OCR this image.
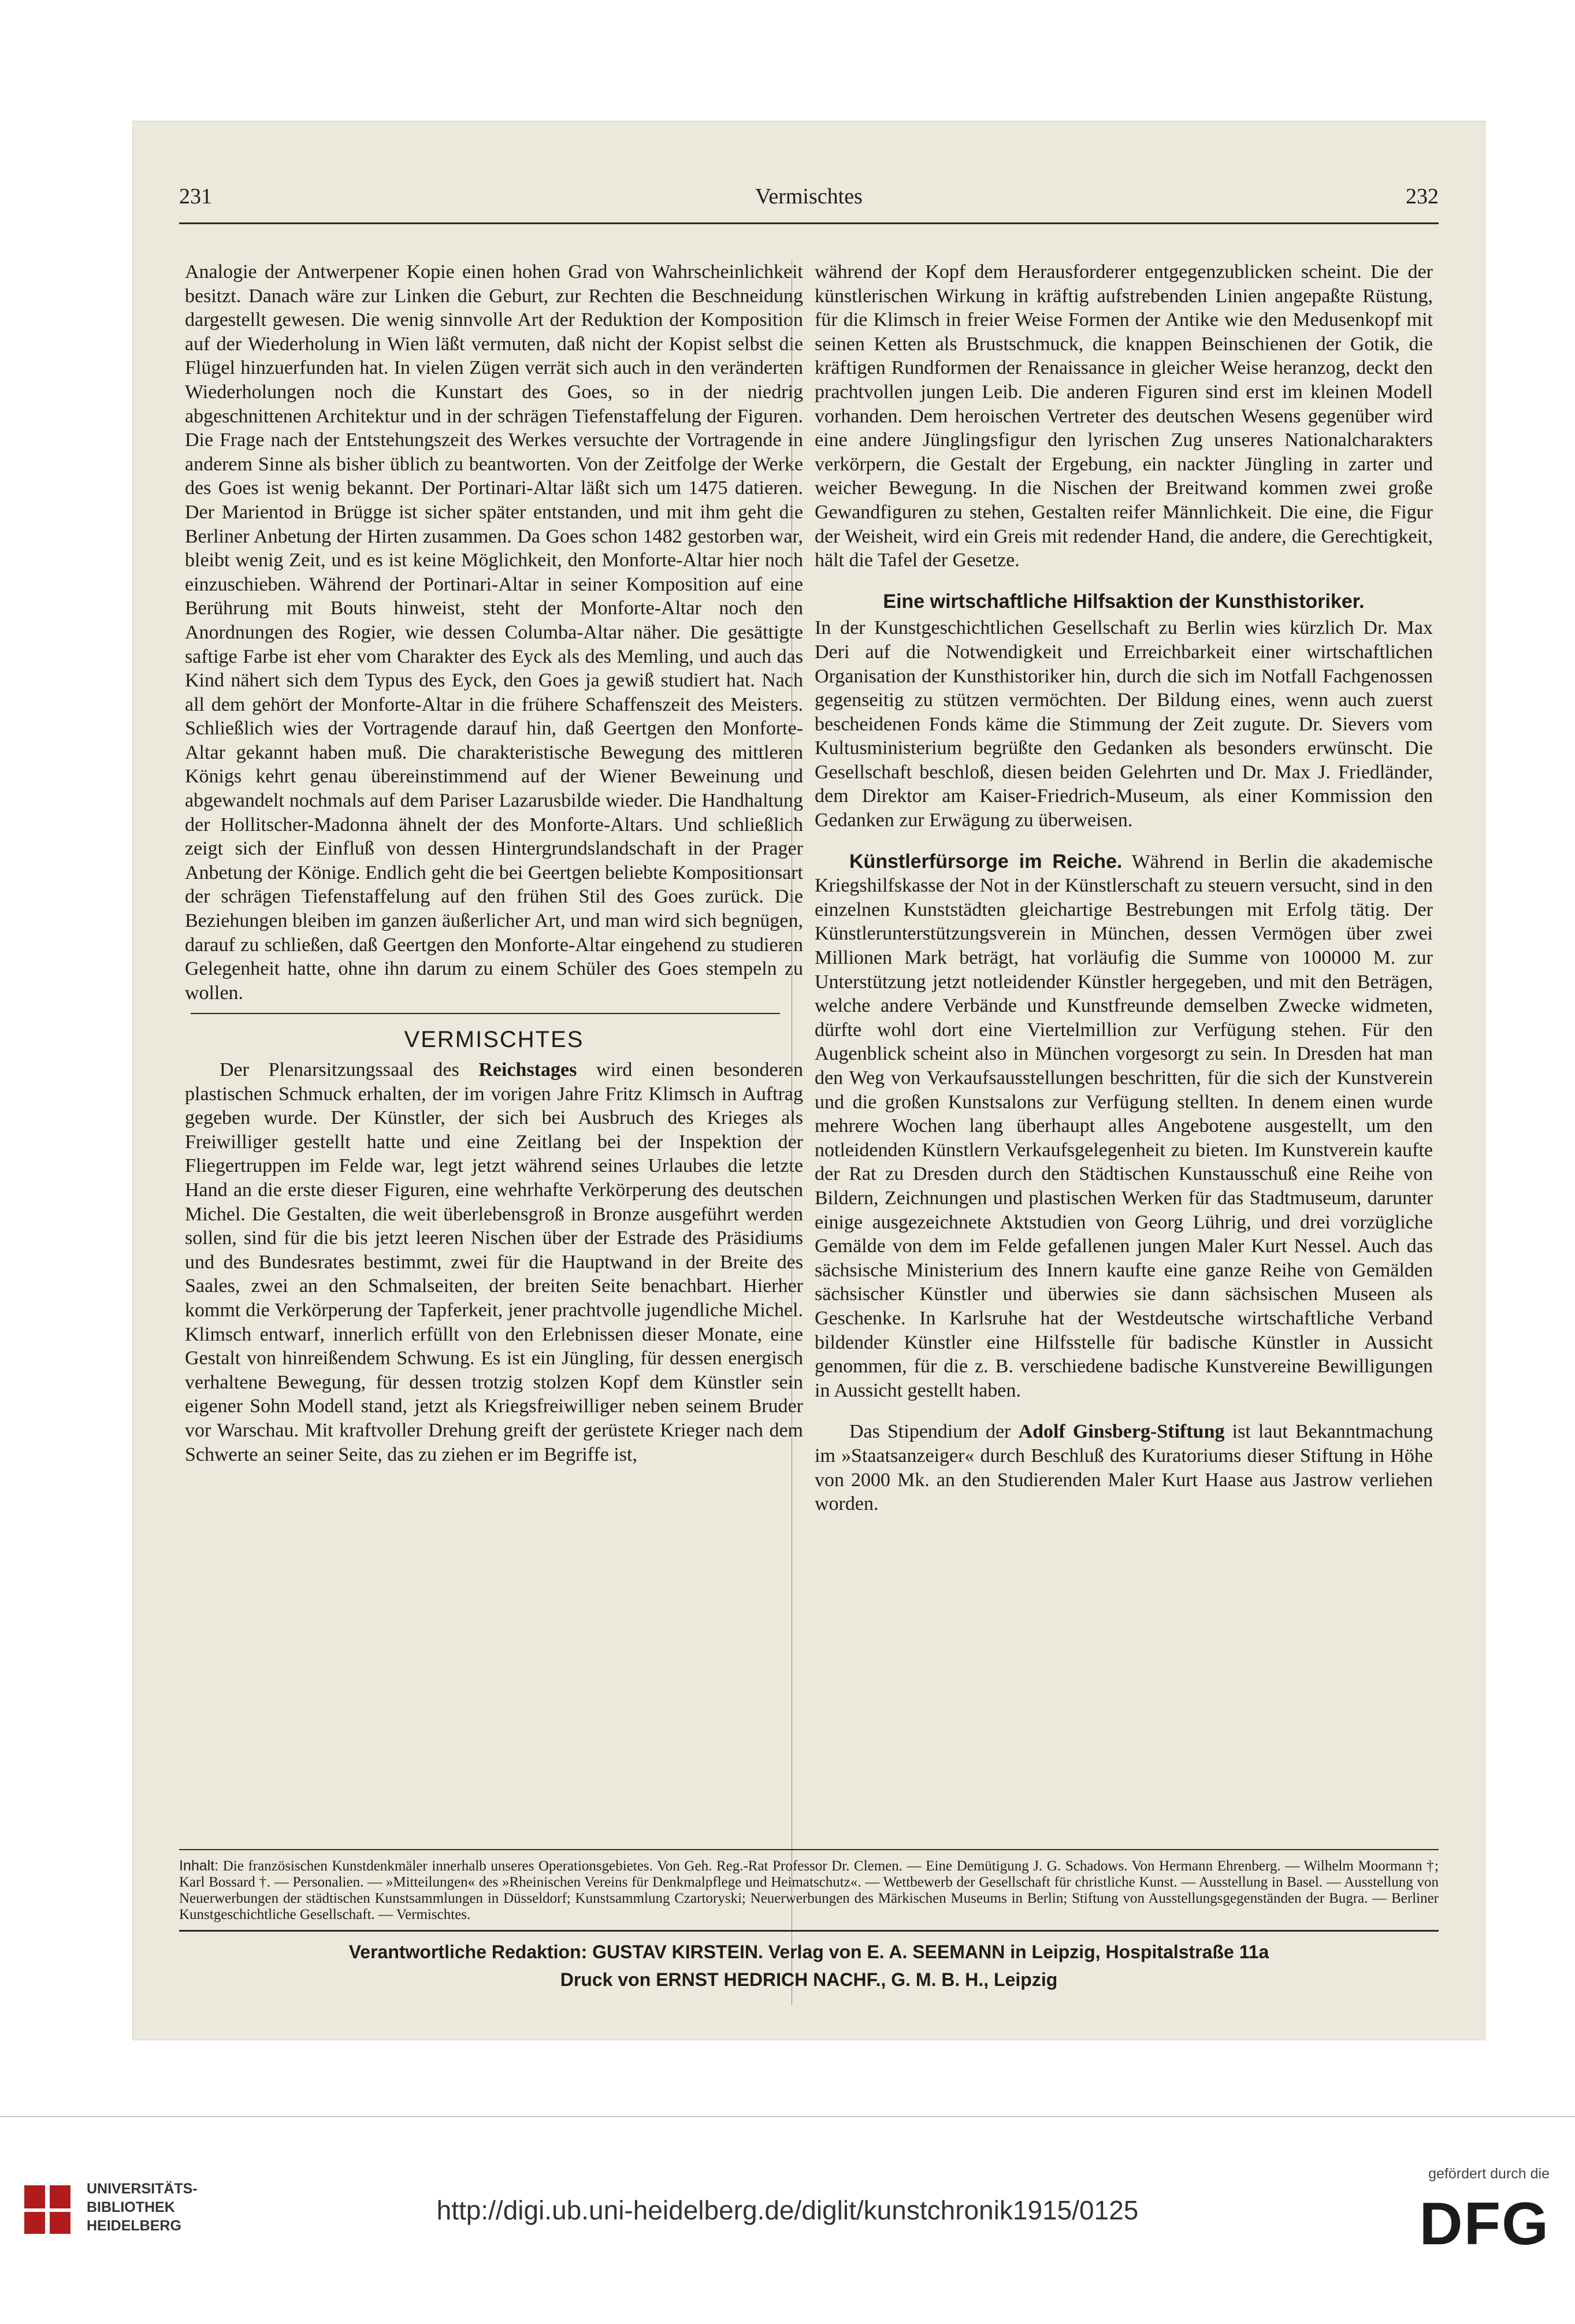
231	Vermischtes	232

Analogie der Antwerpener Kopie einen hohen Grad von Wahrscheinlichkeit besitzt. Danach wäre zur Linken die Geburt, zur Rechten die Beschneidung dargestellt gewesen. Die wenig sinnvolle Art der Reduktion der Komposition auf der Wiederholung in Wien läßt vermuten, daß nicht der Kopist selbst die Flügel hinzuerfunden hat. In vielen Zügen verrät sich auch in den veränderten Wiederholungen noch die Kunstart des Goes, so in der niedrig abgeschnittenen Architektur und in der schrägen Tiefenstaffelung der Figuren. Die Frage nach der Entstehungszeit des Werkes versuchte der Vortragende in anderem Sinne als bisher üblich zu beantworten. Von der Zeitfolge der Werke des Goes ist wenig bekannt. Der Portinari-Altar läßt sich um 1475 datieren. Der Marientod in Brügge ist sicher später entstanden, und mit ihm geht die Berliner Anbetung der Hirten zusammen. Da Goes schon 1482 gestorben war, bleibt wenig Zeit, und es ist keine Möglichkeit, den Monforte-Altar hier noch einzuschieben. Während der Portinari-Altar in seiner Komposition auf eine Berührung mit Bouts hinweist, steht der Monforte-Altar noch den Anordnungen des Rogier, wie dessen Columba-Altar näher. Die gesättigte saftige Farbe ist eher vom Charakter des Eyck als des Memling, und auch das Kind nähert sich dem Typus des Eyck, den Goes ja gewiß studiert hat. Nach all dem gehört der Monforte-Altar in die frühere Schaffenszeit des Meisters. Schließlich wies der Vortragende darauf hin, daß Geertgen den Monforte-Altar gekannt haben muß. Die charakteristische Bewegung des mittleren Königs kehrt genau übereinstimmend auf der Wiener Beweinung und abgewandelt nochmals auf dem Pariser Lazarusbilde wieder. Die Handhaltung der Hollitscher-Madonna ähnelt der des Monforte-Altars. Und schließlich zeigt sich der Einfluß von dessen Hintergrundslandschaft in der Prager Anbetung der Könige. Endlich geht die bei Geertgen beliebte Kompositionsart der schrägen Tiefenstaffelung auf den frühen Stil des Goes zurück. Die Beziehungen bleiben im ganzen äußerlicher Art, und man wird sich begnügen, darauf zu schließen, daß Geertgen den Monforte-Altar eingehend zu studieren Gelegenheit hatte, ohne ihn darum zu einem Schüler des Goes stempeln zu wollen.

VERMISCHTES

Der Plenarsitzungssaal des Reichstages wird einen besonderen plastischen Schmuck erhalten, der im vorigen Jahre Fritz Klimsch in Auftrag gegeben wurde. Der Künstler, der sich bei Ausbruch des Krieges als Freiwilliger gestellt hatte und eine Zeitlang bei der Inspektion der Fliegertruppen im Felde war, legt jetzt während seines Urlaubes die letzte Hand an die erste dieser Figuren, eine wehrhafte Verkörperung des deutschen Michel. Die Gestalten, die weit überlebensgroß in Bronze ausgeführt werden sollen, sind für die bis jetzt leeren Nischen über der Estrade des Präsidiums und des Bundesrates bestimmt, zwei für die Hauptwand in der Breite des Saales, zwei an den Schmalseiten, der breiten Seite benachbart. Hierher kommt die Verkörperung der Tapferkeit, jener prachtvolle jugendliche Michel. Klimsch entwarf, innerlich erfüllt von den Erlebnissen dieser Monate, eine Gestalt von hinreißendem Schwung. Es ist ein Jüngling, für dessen energisch verhaltene Bewegung, für dessen trotzig stolzen Kopf dem Künstler sein eigener Sohn Modell stand, jetzt als Kriegsfreiwilliger neben seinem Bruder vor Warschau. Mit kraftvoller Drehung greift der gerüstete Krieger nach dem Schwerte an seiner Seite, das zu ziehen er im Begriffe ist,

während der Kopf dem Herausforderer entgegenzublicken scheint. Die der künstlerischen Wirkung in kräftig aufstrebenden Linien angepaßte Rüstung, für die Klimsch in freier Weise Formen der Antike wie den Medusenkopf mit seinen Ketten als Brustschmuck, die knappen Beinschienen der Gotik, die kräftigen Rundformen der Renaissance in gleicher Weise heranzog, deckt den prachtvollen jungen Leib. Die anderen Figuren sind erst im kleinen Modell vorhanden. Dem heroischen Vertreter des deutschen Wesens gegenüber wird eine andere Jünglingsfigur den lyrischen Zug unseres Nationalcharakters verkörpern, die Gestalt der Ergebung, ein nackter Jüngling in zarter und weicher Bewegung. In die Nischen der Breitwand kommen zwei große Gewandfiguren zu stehen, Gestalten reifer Männlichkeit. Die eine, die Figur der Weisheit, wird ein Greis mit redender Hand, die andere, die Gerechtigkeit, hält die Tafel der Gesetze.

Eine wirtschaftliche Hilfsaktion der Kunsthistoriker.

In der Kunstgeschichtlichen Gesellschaft zu Berlin wies kürzlich Dr. Max Deri auf die Notwendigkeit und Erreichbarkeit einer wirtschaftlichen Organisation der Kunsthistoriker hin, durch die sich im Notfall Fachgenossen gegenseitig zu stützen vermöchten. Der Bildung eines, wenn auch zuerst bescheidenen Fonds käme die Stimmung der Zeit zugute. Dr. Sievers vom Kultusministerium begrüßte den Gedanken als besonders erwünscht. Die Gesellschaft beschloß, diesen beiden Gelehrten und Dr. Max J. Friedländer, dem Direktor am Kaiser-Friedrich-Museum, als einer Kommission den Gedanken zur Erwägung zu überweisen.

Künstlerfürsorge im Reiche. Während in Berlin die akademische Kriegshilfskasse der Not in der Künstlerschaft zu steuern versucht, sind in den einzelnen Kunststädten gleichartige Bestrebungen mit Erfolg tätig. Der Künstlerunterstützungsverein in München, dessen Vermögen über zwei Millionen Mark beträgt, hat vorläufig die Summe von 100000 M. zur Unterstützung jetzt notleidender Künstler hergegeben, und mit den Beträgen, welche andere Verbände und Kunstfreunde demselben Zwecke widmeten, dürfte wohl dort eine Viertelmillion zur Verfügung stehen. Für den Augenblick scheint also in München vorgesorgt zu sein. In Dresden hat man den Weg von Verkaufsausstellungen beschritten, für die sich der Kunstverein und die großen Kunstsalons zur Verfügung stellten. In denem einen wurde mehrere Wochen lang überhaupt alles Angebotene ausgestellt, um den notleidenden Künstlern Verkaufsgelegenheit zu bieten. Im Kunstverein kaufte der Rat zu Dresden durch den Städtischen Kunstausschuß eine Reihe von Bildern, Zeichnungen und plastischen Werken für das Stadtmuseum, darunter einige ausgezeichnete Aktstudien von Georg Lührig, und drei vorzügliche Gemälde von dem im Felde gefallenen jungen Maler Kurt Nessel. Auch das sächsische Ministerium des Innern kaufte eine ganze Reihe von Gemälden sächsischer Künstler und überwies sie dann sächsischen Museen als Geschenke. In Karlsruhe hat der Westdeutsche wirtschaftliche Verband bildender Künstler eine Hilfsstelle für badische Künstler in Aussicht genommen, für die z. B. verschiedene badische Kunstvereine Bewilligungen in Aussicht gestellt haben.

Das Stipendium der Adolf Ginsberg-Stiftung ist laut Bekanntmachung im »Staatsanzeiger« durch Beschluß des Kuratoriums dieser Stiftung in Höhe von 2000 Mk. an den Studierenden Maler Kurt Haase aus Jastrow verliehen worden.

Inhalt: Die französischen Kunstdenkmäler innerhalb unseres Operationsgebietes. Von Geh. Reg.-Rat Professor Dr. Clemen. — Eine Demütigung J. G. Schadows. Von Hermann Ehrenberg. — Wilhelm Moormann †; Karl Bossard †. — Personalien. — »Mitteilungen« des »Rheinischen Vereins für Denkmalpflege und Heimatschutz«. — Wettbewerb der Gesellschaft für christliche Kunst. — Ausstellung in Basel. — Ausstellung von Neuerwerbungen der städtischen Kunstsammlungen in Düsseldorf; Kunstsammlung Czartoryski; Neuerwerbungen des Märkischen Museums in Berlin; Stiftung von Ausstellungsgegenständen der Bugra. — Berliner Kunstgeschichtliche Gesellschaft. — Vermischtes.
Verantwortliche Redaktion: GUSTAV KIRSTEIN. Verlag von E. A. SEEMANN in Leipzig, Hospitalstraße 11a
Druck von ERNST HEDRICH NACHF., G. M. B. H., Leipzig
UNIVERSITÄTS-
BIBLIOTHEK
HEIDELBERG
http://digi.ub.uni-heidelberg.de/diglit/kunstchronik1915/0125
gefördert durch die
DFG
